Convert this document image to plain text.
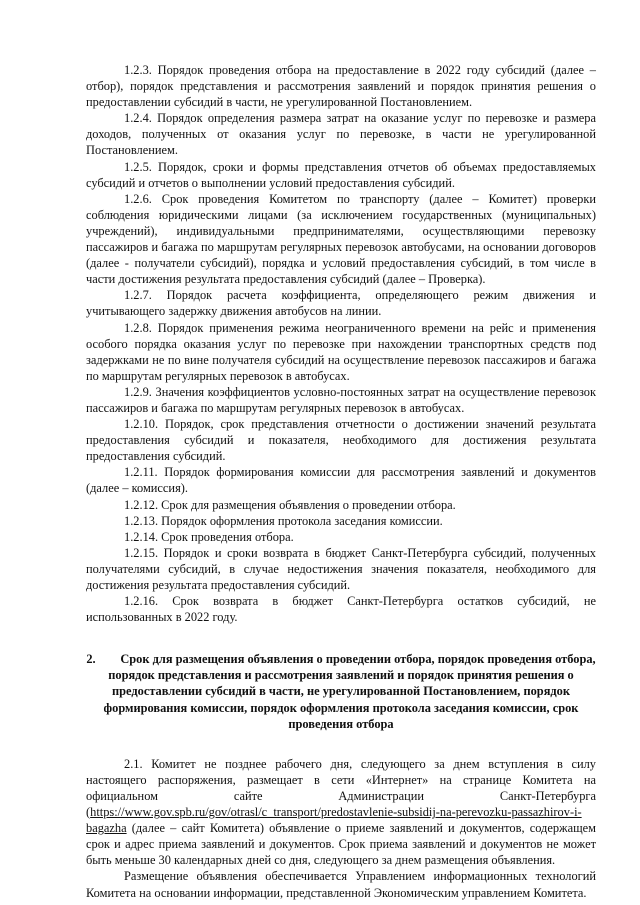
1.2.3. Порядок проведения отбора на предоставление в 2022 году субсидий (далее – отбор), порядок представления и рассмотрения заявлений и порядок принятия решения о предоставлении субсидий в части, не урегулированной Постановлением.

1.2.4. Порядок определения размера затрат на оказание услуг по перевозке и размера доходов, полученных от оказания услуг по перевозке, в части не урегулированной Постановлением.

1.2.5. Порядок, сроки и формы представления отчетов об объемах предоставляемых субсидий и отчетов о выполнении условий предоставления субсидий.

1.2.6. Срок проведения Комитетом по транспорту (далее – Комитет) проверки соблюдения юридическими лицами (за исключением государственных (муниципальных) учреждений), индивидуальными предпринимателями, осуществляющими перевозку пассажиров и багажа по маршрутам регулярных перевозок автобусами, на основании договоров (далее - получатели субсидий), порядка и условий предоставления субсидий, в том числе в части достижения результата предоставления субсидий (далее – Проверка).

1.2.7. Порядок расчета коэффициента, определяющего режим движения и учитывающего задержку движения автобусов на линии.

1.2.8. Порядок применения режима неограниченного времени на рейс и применения особого порядка оказания услуг по перевозке при нахождении транспортных средств под задержками не по вине получателя субсидий на осуществление перевозок пассажиров и багажа по маршрутам регулярных перевозок в автобусах.

1.2.9. Значения коэффициентов условно-постоянных затрат на осуществление перевозок пассажиров и багажа по маршрутам регулярных перевозок в автобусах.

1.2.10. Порядок, срок представления отчетности о достижении значений результата предоставления субсидий и показателя, необходимого для достижения результата предоставления субсидий.

1.2.11. Порядок формирования комиссии для рассмотрения заявлений и документов (далее – комиссия).

1.2.12. Срок для размещения объявления о проведении отбора.

1.2.13. Порядок оформления протокола заседания комиссии.

1.2.14. Срок проведения отбора.

1.2.15. Порядок и сроки возврата в бюджет Санкт-Петербурга субсидий, полученных получателями субсидий, в случае недостижения значения показателя, необходимого для достижения результата предоставления субсидий.

1.2.16. Срок возврата в бюджет Санкт-Петербурга остатков субсидий, не использованных в 2022 году.

2. Срок для размещения объявления о проведении отбора, порядок проведения отбора, порядок представления и рассмотрения заявлений и порядок принятия решения о предоставлении субсидий в части, не урегулированной Постановлением, порядок формирования комиссии, порядок оформления протокола заседания комиссии, срок проведения отбора

2.1. Комитет не позднее рабочего дня, следующего за днем вступления в силу настоящего распоряжения, размещает в сети «Интернет» на странице Комитета на официальном сайте Администрации Санкт-Петербурга (https://www.gov.spb.ru/gov/otrasl/c_transport/predostavlenie-subsidij-na-perevozku-passazhirov-i-bagazha (далее – сайт Комитета) объявление о приеме заявлений и документов, содержащем срок и адрес приема заявлений и документов. Срок приема заявлений и документов не может быть меньше 30 календарных дней со дня, следующего за днем размещения объявления.

Размещение объявления обеспечивается Управлением информационных технологий Комитета на основании информации, представленной Экономическим управлением Комитета.
